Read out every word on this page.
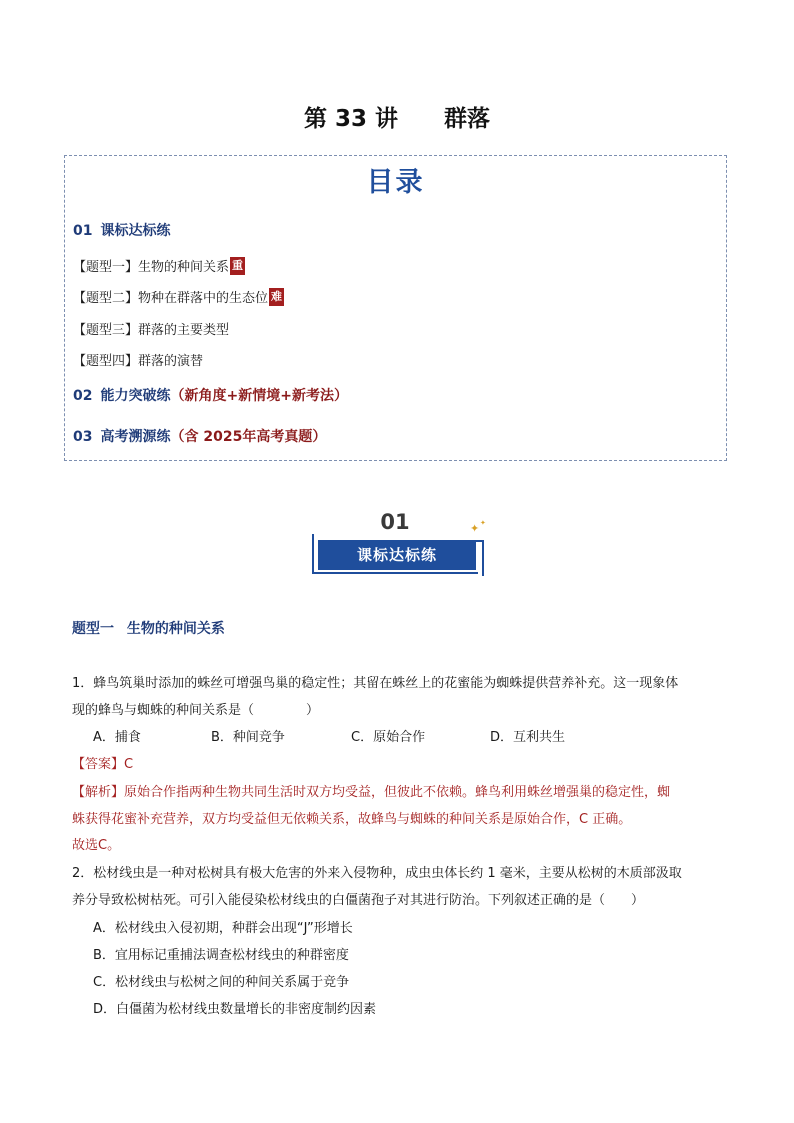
第 33 讲　　群落
目录
01 课标达标练
【题型一】生物的种间关系 重
【题型二】物种在群落中的生态位 难
【题型三】群落的主要类型
【题型四】群落的演替
02 能力突破练（新角度+新情境+新考法）
03 高考溯源练（含 2025年高考真题）
01
课标达标练
✦ ✦
题型一 生物的种间关系
1．蜂鸟筑巢时添加的蛛丝可增强鸟巢的稳定性；其留在蛛丝上的花蜜能为蜘蛛提供营养补充。这一现象体
现的蜂鸟与蜘蛛的种间关系是（　　　　）
A．捕食	B．种间竞争	C．原始合作	D．互利共生
【答案】C
【解析】原始合作指两种生物共同生活时双方均受益，但彼此不依赖。蜂鸟利用蛛丝增强巢的稳定性，蜘
蛛获得花蜜补充营养，双方均受益但无依赖关系，故蜂鸟与蜘蛛的种间关系是原始合作，C 正确。
故选C。
2．松材线虫是一种对松树具有极大危害的外来入侵物种，成虫虫体长约 1 毫米，主要从松树的木质部汲取
养分导致松树枯死。可引入能侵染松材线虫的白僵菌孢子对其进行防治。下列叙述正确的是（　　）
A．松材线虫入侵初期，种群会出现“J”形增长
B．宜用标记重捕法调查松材线虫的种群密度
C．松材线虫与松树之间的种间关系属于竞争
D．白僵菌为松材线虫数量增长的非密度制约因素
